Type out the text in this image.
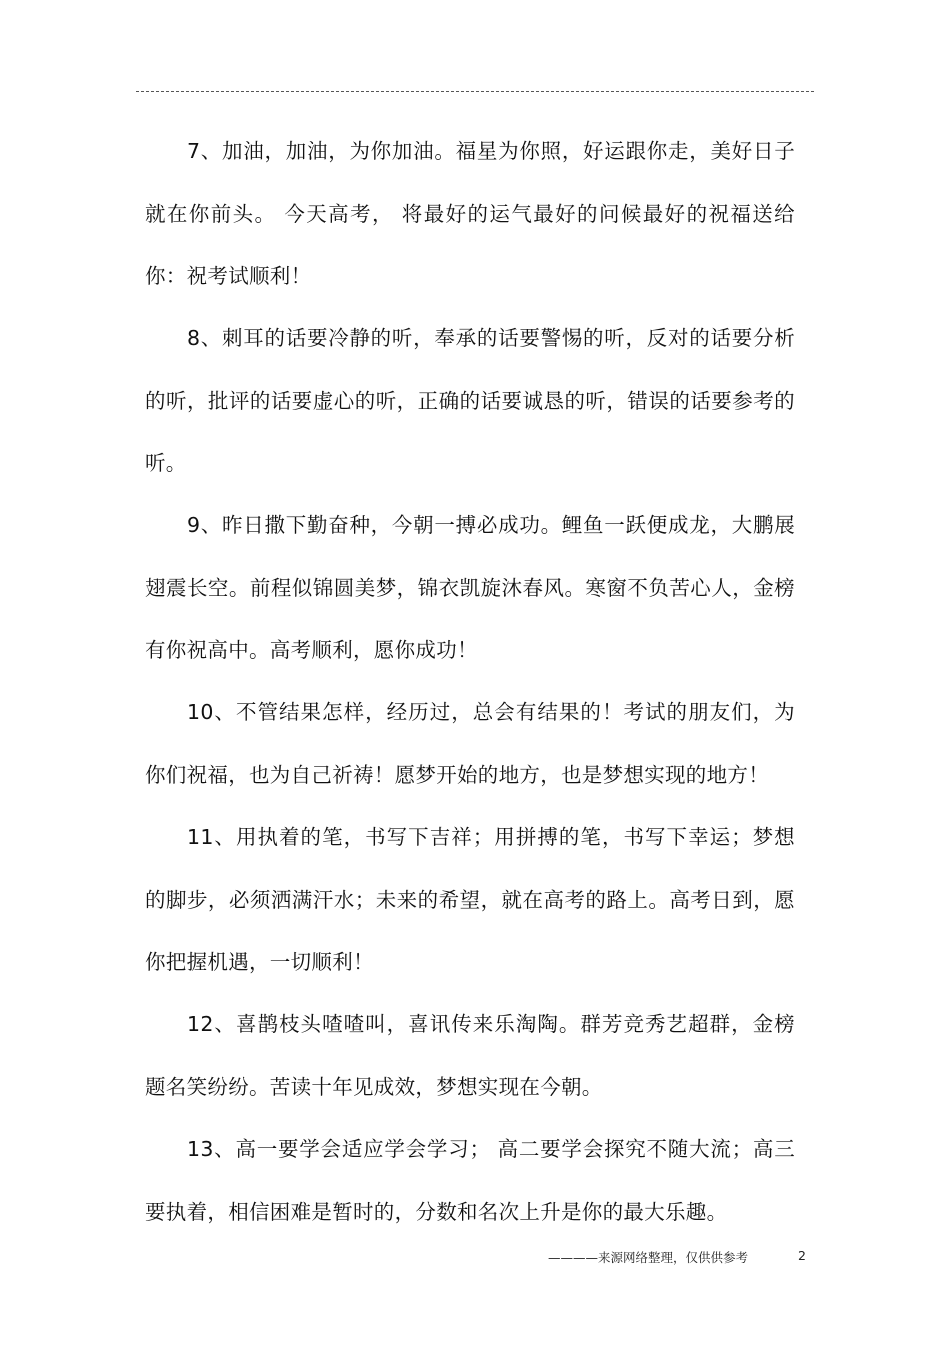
7、加油，加油，为你加油。福星为你照，好运跟你走，美好日子就在你前头。 今天高考， 将最好的运气最好的问候最好的祝福送给你：祝考试顺利！

8、刺耳的话要冷静的听，奉承的话要警惕的听，反对的话要分析的听，批评的话要虚心的听，正确的话要诚恳的听，错误的话要参考的听。

9、昨日撒下勤奋种，今朝一搏必成功。鲤鱼一跃便成龙，大鹏展翅震长空。前程似锦圆美梦，锦衣凯旋沐春风。寒窗不负苦心人，金榜有你祝高中。高考顺利，愿你成功！

10、不管结果怎样，经历过，总会有结果的！考试的朋友们，为你们祝福，也为自己祈祷！愿梦开始的地方，也是梦想实现的地方！

11、用执着的笔，书写下吉祥；用拼搏的笔，书写下幸运；梦想的脚步，必须洒满汗水；未来的希望，就在高考的路上。高考日到，愿你把握机遇，一切顺利！

12、喜鹊枝头喳喳叫，喜讯传来乐淘陶。群芳竞秀艺超群，金榜题名笑纷纷。苦读十年见成效，梦想实现在今朝。

13、高一要学会适应学会学习； 高二要学会探究不随大流；高三要执着，相信困难是暂时的，分数和名次上升是你的最大乐趣。

————来源网络整理，仅供供参考	2
